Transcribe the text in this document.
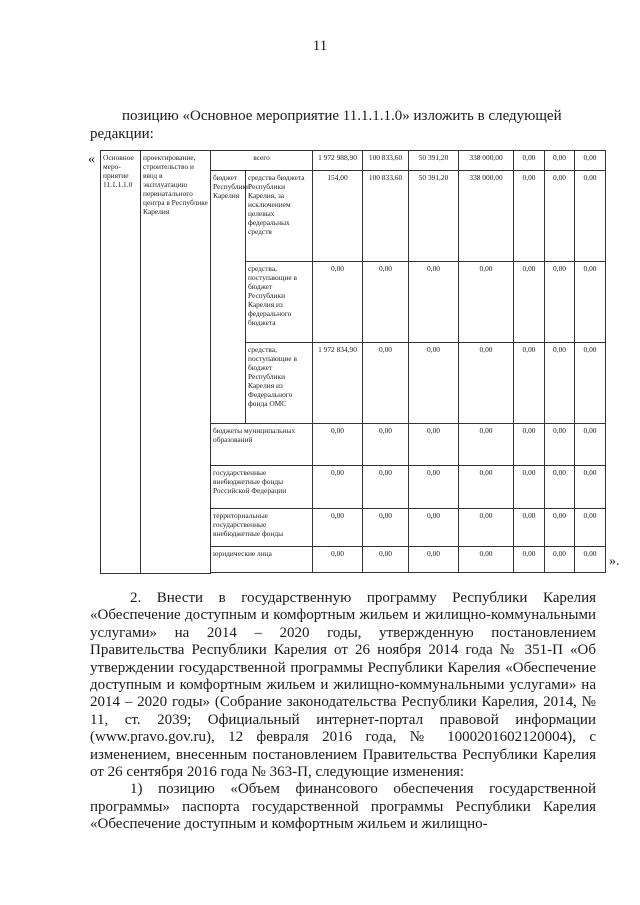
11
позицию «Основное мероприятие 11.1.1.1.0» изложить в следующей
редакции:
« Основное меро-приятие 11.1.1.1.0	проектирование, строительство и ввод в эксплуатацию перинатального центра в Республике Карелия	всего		1 972 988,90	100 833,60	50 391,20	338 000,00	0,00	0,00	0,00
		бюджет Республики Карелия	средства бюджета Республики Карелия, за исключением целевых федеральных средств	154,00	100 833,60	50 391,20	338 000,00	0,00	0,00	0,00
			средства, поступающие в бюджет Республики Карелия из федерального бюджета	0,00	0,00	0,00	0,00	0,00	0,00	0,00
			средства, поступающие в бюджет Республики Карелия из Федерального фонда ОМС	1 972 834,90	0,00	0,00	0,00	0,00	0,00	0,00
		бюджеты муниципальных образований		0,00	0,00	0,00	0,00	0,00	0,00	0,00
		государственные внебюджетные фонды Российской Федерации		0,00	0,00	0,00	0,00	0,00	0,00	0,00
		территориальные государственные внебюджетные фонды		0,00	0,00	0,00	0,00	0,00	0,00	0,00
		юридические лица		0,00	0,00	0,00	0,00	0,00	0,00	0,00

».

2. Внести в государственную программу Республики Карелия «Обеспечение доступным и комфортным жильем и жилищно-коммунальными услугами» на 2014 – 2020 годы, утвержденную постановлением Правительства Республики Карелия от 26 ноября 2014 года № 351-П «Об утверждении государственной программы Республики Карелия «Обеспечение доступным и комфортным жильем и жилищно-коммунальными услугами» на 2014 – 2020 годы» (Собрание законодательства Республики Карелия, 2014, № 11, ст. 2039; Официальный интернет-портал правовой информации (www.pravo.gov.ru), 12 февраля 2016 года, № 1000201602120004), с изменением, внесенным постановлением Правительства Республики Карелия от 26 сентября 2016 года № 363-П, следующие изменения:

1) позицию «Объем финансового обеспечения государственной программы» паспорта государственной программы Республики Карелия «Обеспечение доступным и комфортным жильем и жилищно-
